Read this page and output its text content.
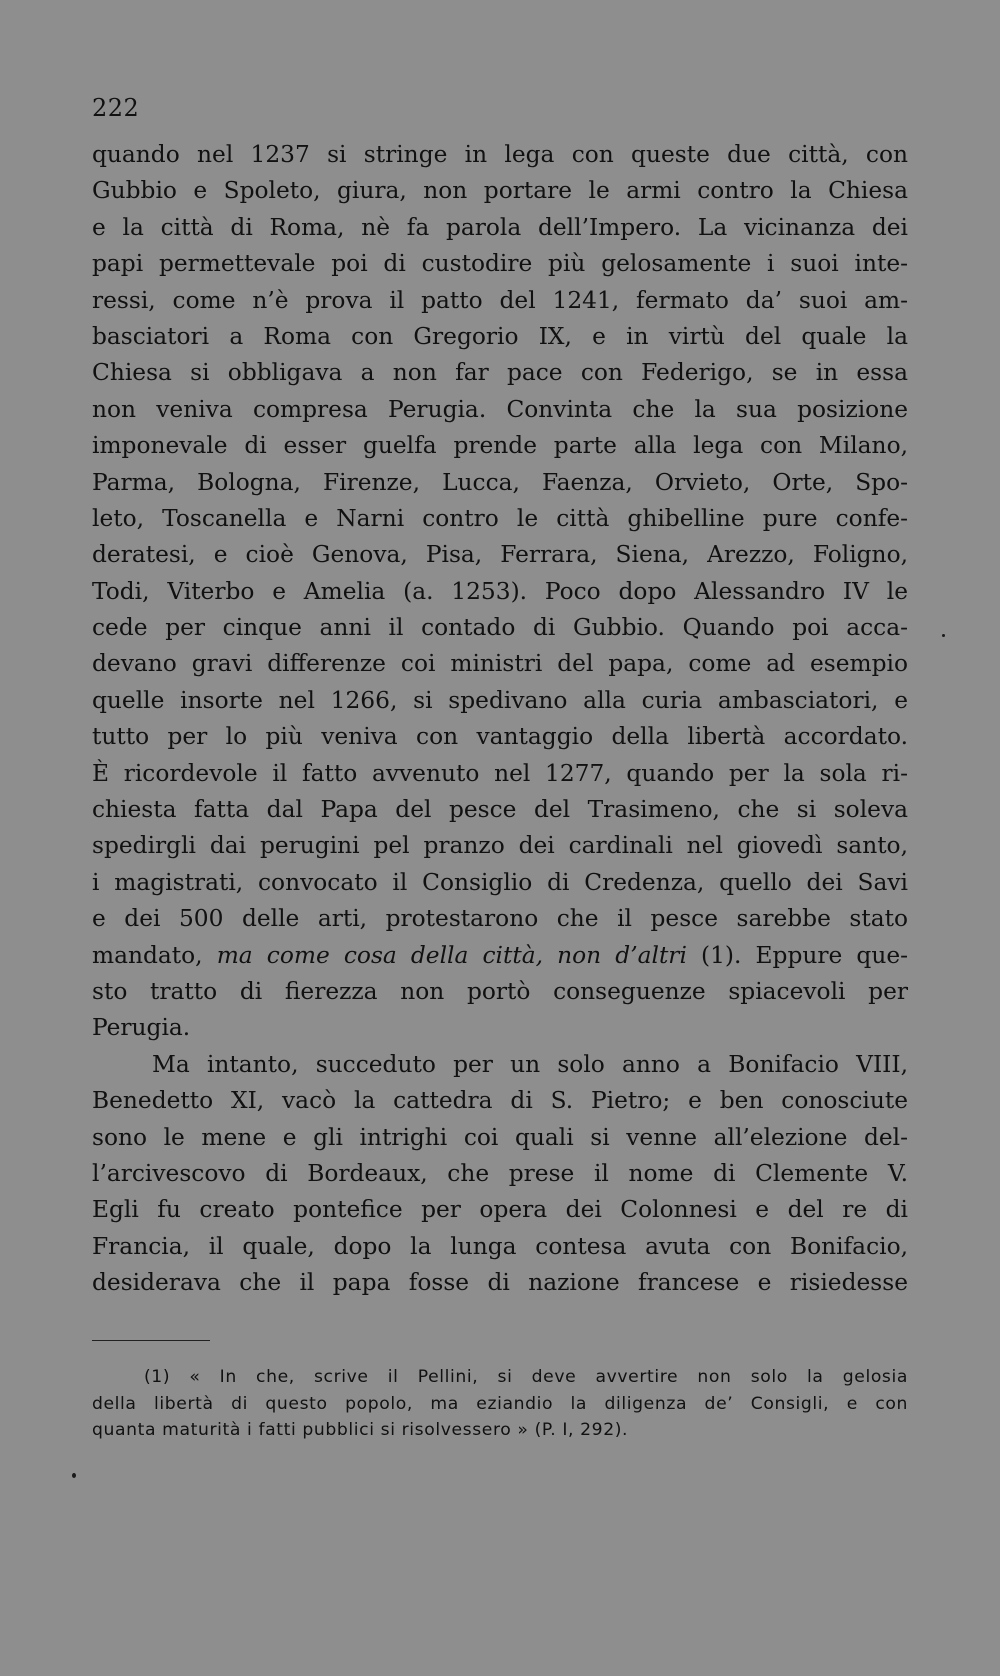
222
quando nel 1237 si stringe in lega con queste due città, con
Gubbio e Spoleto, giura, non portare le armi contro la Chiesa
e la città di Roma, nè fa parola dell’Impero. La vicinanza dei
papi permettevale poi di custodire più gelosamente i suoi inte-
ressi, come n’è prova il patto del 1241, fermato da’ suoi am-
basciatori a Roma con Gregorio IX, e in virtù del quale la
Chiesa si obbligava a non far pace con Federigo, se in essa
non veniva compresa Perugia. Convinta che la sua posizione
imponevale di esser guelfa prende parte alla lega con Milano,
Parma, Bologna, Firenze, Lucca, Faenza, Orvieto, Orte, Spo-
leto, Toscanella e Narni contro le città ghibelline pure confe-
deratesi, e cioè Genova, Pisa, Ferrara, Siena, Arezzo, Foligno,
Todi, Viterbo e Amelia (a. 1253). Poco dopo Alessandro IV le
cede per cinque anni il contado di Gubbio. Quando poi acca-
devano gravi differenze coi ministri del papa, come ad esempio
quelle insorte nel 1266, si spedivano alla curia ambasciatori, e
tutto per lo più veniva con vantaggio della libertà accordato.
È ricordevole il fatto avvenuto nel 1277, quando per la sola ri-
chiesta fatta dal Papa del pesce del Trasimeno, che si soleva
spedirgli dai perugini pel pranzo dei cardinali nel giovedì santo,
i magistrati, convocato il Consiglio di Credenza, quello dei Savi
e dei 500 delle arti, protestarono che il pesce sarebbe stato
mandato, ma come cosa della città, non d’altri (1). Eppure que-
sto tratto di fierezza non portò conseguenze spiacevoli per
Perugia.
Ma intanto, succeduto per un solo anno a Bonifacio VIII,
Benedetto XI, vacò la cattedra di S. Pietro; e ben conosciute
sono le mene e gli intrighi coi quali si venne all’elezione del-
l’arcivescovo di Bordeaux, che prese il nome di Clemente V.
Egli fu creato pontefice per opera dei Colonnesi e del re di
Francia, il quale, dopo la lunga contesa avuta con Bonifacio,
desiderava che il papa fosse di nazione francese e risiedesse
(1) « In che, scrive il Pellini, si deve avvertire non solo la gelosia
della libertà di questo popolo, ma eziandio la diligenza de’ Consigli, e con
quanta maturità i fatti pubblici si risolvessero » (P. I, 292).
